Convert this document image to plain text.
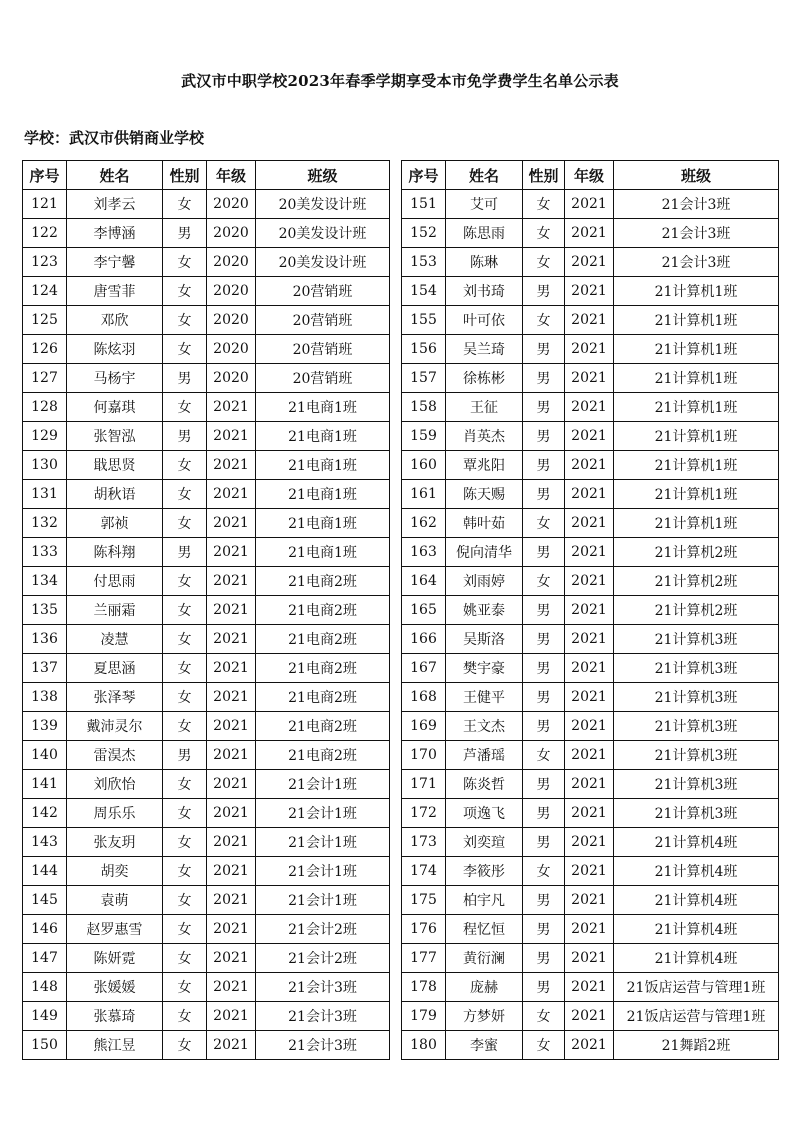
武汉市中职学校2023年春季学期享受本市免学费学生名单公示表
学校：武汉市供销商业学校
序号	姓名	性别	年级	班级
121	刘孝云	女	2020	20美发设计班
122	李博涵	男	2020	20美发设计班
123	李宁馨	女	2020	20美发设计班
124	唐雪菲	女	2020	20营销班
125	邓欣	女	2020	20营销班
126	陈炫羽	女	2020	20营销班
127	马杨宇	男	2020	20营销班
128	何嘉琪	女	2021	21电商1班
129	张智泓	男	2021	21电商1班
130	戢思贤	女	2021	21电商1班
131	胡秋语	女	2021	21电商1班
132	郭祯	女	2021	21电商1班
133	陈科翔	男	2021	21电商1班
134	付思雨	女	2021	21电商2班
135	兰丽霜	女	2021	21电商2班
136	凌慧	女	2021	21电商2班
137	夏思涵	女	2021	21电商2班
138	张泽琴	女	2021	21电商2班
139	戴沛灵尔	女	2021	21电商2班
140	雷淏杰	男	2021	21电商2班
141	刘欣怡	女	2021	21会计1班
142	周乐乐	女	2021	21会计1班
143	张友玥	女	2021	21会计1班
144	胡奕	女	2021	21会计1班
145	袁萌	女	2021	21会计1班
146	赵罗惠雪	女	2021	21会计2班
147	陈妍霓	女	2021	21会计2班
148	张媛媛	女	2021	21会计3班
149	张慕琦	女	2021	21会计3班
150	熊江昱	女	2021	21会计3班
序号	姓名	性别	年级	班级
151	艾可	女	2021	21会计3班
152	陈思雨	女	2021	21会计3班
153	陈琳	女	2021	21会计3班
154	刘书琦	男	2021	21计算机1班
155	叶可依	女	2021	21计算机1班
156	吴兰琦	男	2021	21计算机1班
157	徐栋彬	男	2021	21计算机1班
158	王征	男	2021	21计算机1班
159	肖英杰	男	2021	21计算机1班
160	覃兆阳	男	2021	21计算机1班
161	陈天赐	男	2021	21计算机1班
162	韩叶茹	女	2021	21计算机1班
163	倪向清华	男	2021	21计算机2班
164	刘雨婷	女	2021	21计算机2班
165	姚亚泰	男	2021	21计算机2班
166	吴斯洛	男	2021	21计算机3班
167	樊宇豪	男	2021	21计算机3班
168	王健平	男	2021	21计算机3班
169	王文杰	男	2021	21计算机3班
170	芦潘瑶	女	2021	21计算机3班
171	陈炎哲	男	2021	21计算机3班
172	项逸飞	男	2021	21计算机3班
173	刘奕瑄	男	2021	21计算机4班
174	李筱彤	女	2021	21计算机4班
175	柏宇凡	男	2021	21计算机4班
176	程忆恒	男	2021	21计算机4班
177	黄衍澜	男	2021	21计算机4班
178	庞赫	男	2021	21饭店运营与管理1班
179	方梦妍	女	2021	21饭店运营与管理1班
180	李蜜	女	2021	21舞蹈2班
